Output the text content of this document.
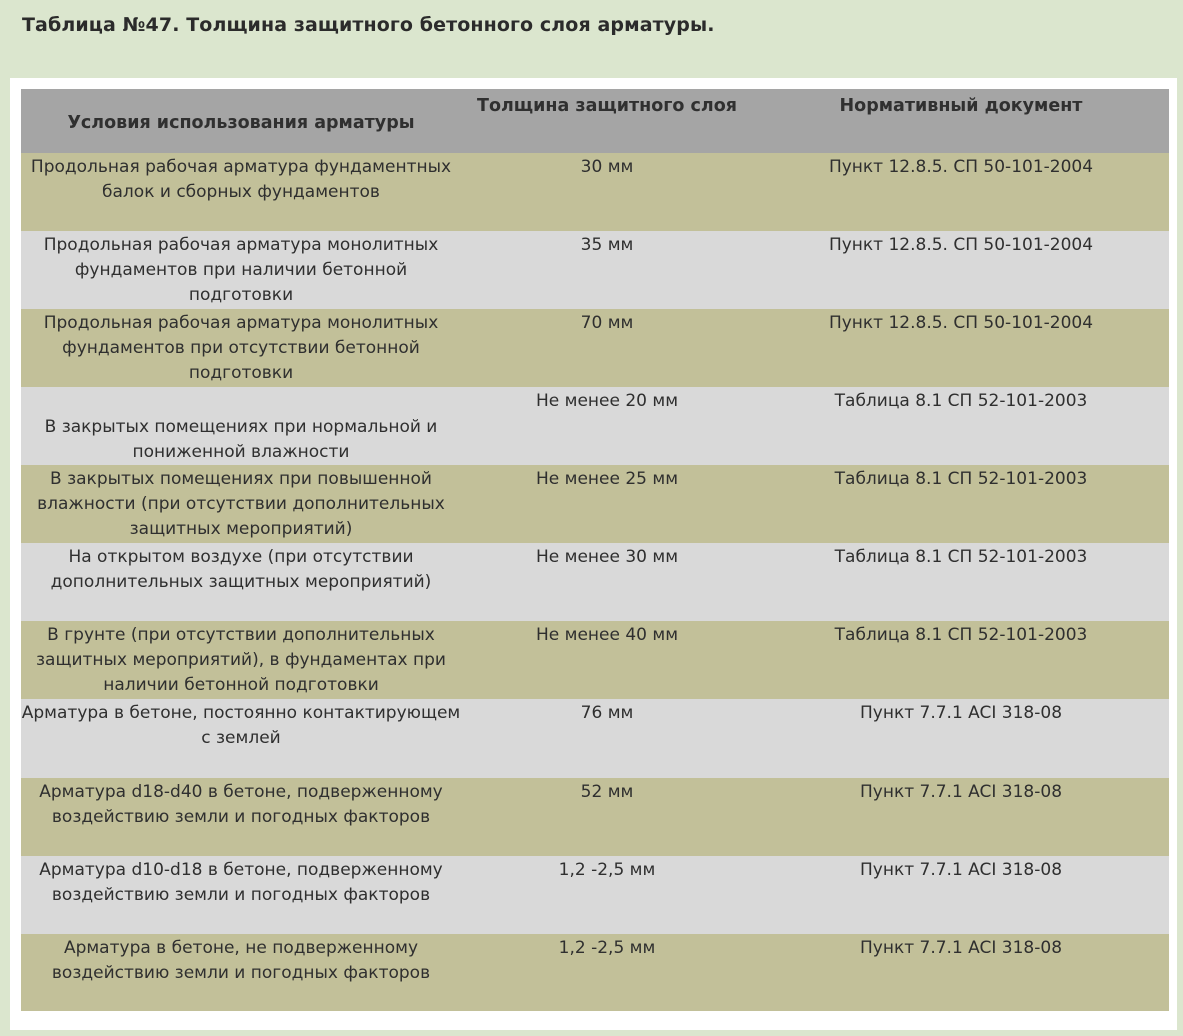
Таблица №47. Толщина защитного бетонного слоя арматуры.
Условия использования арматуры	Толщина защитного слоя	Нормативный документ
Продольная рабочая арматура фундаментных балок и сборных фундаментов	30 мм	Пункт 12.8.5. СП 50-101-2004
Продольная рабочая арматура монолитных фундаментов при наличии бетонной подготовки	35 мм	Пункт 12.8.5. СП 50-101-2004
Продольная рабочая арматура монолитных фундаментов при отсутствии бетонной подготовки	70 мм	Пункт 12.8.5. СП 50-101-2004
В закрытых помещениях при нормальной и пониженной влажности	Не менее 20 мм	Таблица 8.1 СП 52-101-2003
В закрытых помещениях при повышенной влажности (при отсутствии дополнительных защитных мероприятий)	Не менее 25 мм	Таблица 8.1 СП 52-101-2003
На открытом воздухе (при отсутствии дополнительных защитных мероприятий)	Не менее 30 мм	Таблица 8.1 СП 52-101-2003
В грунте (при отсутствии дополнительных защитных мероприятий), в фундаментах при наличии бетонной подготовки	Не менее 40 мм	Таблица 8.1 СП 52-101-2003
Арматура в бетоне, постоянно контактирующем с землей	76 мм	Пункт 7.7.1 ACI 318-08
Арматура d18-d40 в бетоне, подверженному воздействию земли и погодных факторов	52 мм	Пункт 7.7.1 ACI 318-08
Арматура d10-d18 в бетоне, подверженному воздействию земли и погодных факторов	1,2 -2,5 мм	Пункт 7.7.1 ACI 318-08
Арматура в бетоне, не подверженному воздействию земли и погодных факторов	1,2 -2,5 мм	Пункт 7.7.1 ACI 318-08
